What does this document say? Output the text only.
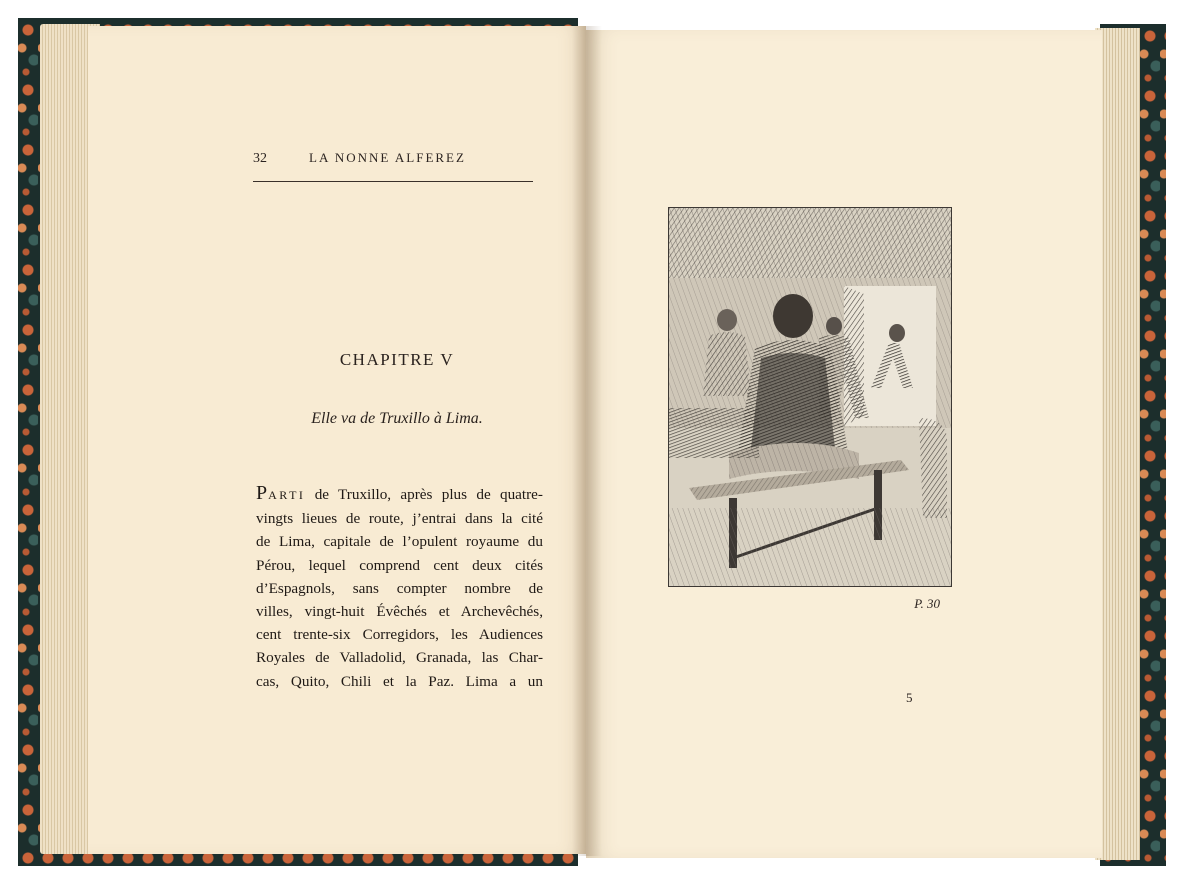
32	LA NONNE ALFEREZ
CHAPITRE V
Elle va de Truxillo à Lima.
PARTI de Truxillo, après plus de quatre-
vingts lieues de route, j’entrai dans la cité
de Lima, capitale de l’opulent royaume du
Pérou, lequel comprend cent deux cités
d’Espagnols, sans compter nombre de
villes, vingt-huit Évêchés et Archevêchés,
cent trente-six Corregidors, les Audiences
Royales de Valladolid, Granada, las Char-
cas, Quito, Chili et la Paz. Lima a un
P. 30
5
